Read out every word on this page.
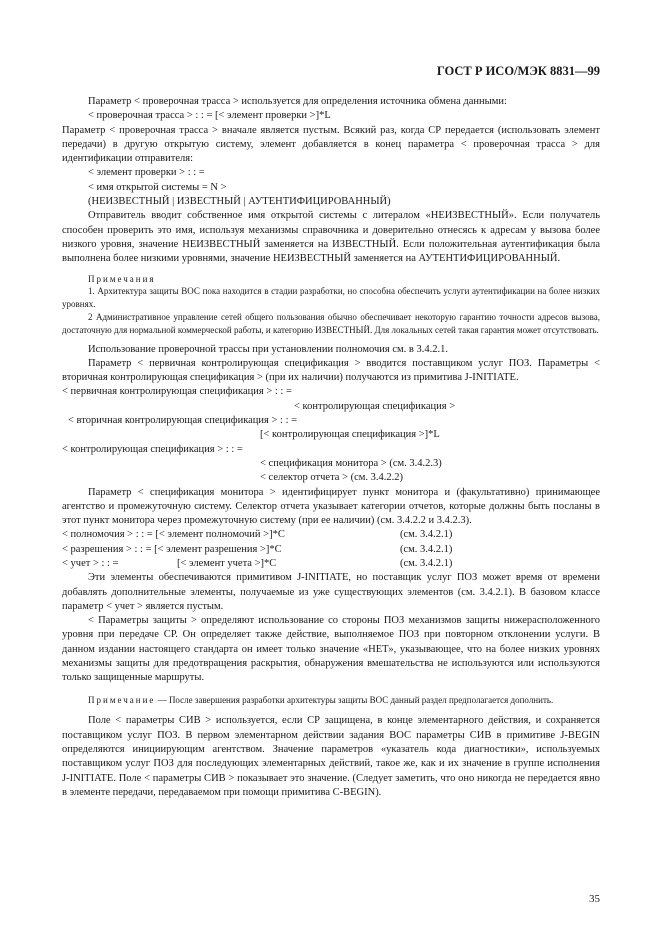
ГОСТ Р ИСО/МЭК 8831—99

Параметр < проверочная трасса > используется для определения источника обмена данными:

< проверочная трасса > : : = [< элемент проверки >]*L

Параметр < проверочная трасса > вначале является пустым. Всякий раз, когда СР передается (использовать элемент передачи) в другую открытую систему, элемент добавляется в конец параметра < проверочная трасса > для идентификации отправителя:

< элемент проверки > : : =

< имя открытой системы = N >

(НЕИЗВЕСТНЫЙ | ИЗВЕСТНЫЙ | АУТЕНТИФИЦИРОВАННЫЙ)

Отправитель вводит собственное имя открытой системы с литералом «НЕИЗВЕСТНЫЙ». Если получатель способен проверить это имя, используя механизмы справочника и доверительно отнесясь к адресам у вызова более низкого уровня, значение НЕИЗВЕСТНЫЙ заменяется на ИЗВЕСТНЫЙ. Если положительная аутентификация была выполнена более низкими уровнями, значение НЕИЗВЕСТНЫЙ заменяется на АУТЕНТИФИЦИРОВАННЫЙ.

Примечания

1. Архитектура защиты ВОС пока находится в стадии разработки, но способна обеспечить услуги аутентификации на более низких уровнях.

2 Административное управление сетей общего пользования обычно обеспечивает некоторую гарантию точности адресов вызова, достаточную для нормальной коммерческой работы, и категорию ИЗВЕСТНЫЙ. Для локальных сетей такая гарантия может отсутствовать.

Использование проверочной трассы при установлении полномочия см. в 3.4.2.1.

Параметр < первичная контролирующая спецификация > вводится поставщиком услуг ПОЗ. Параметры < вторичная контролирующая спецификация > (при их наличии) получаются из примитива J-INITIATE.

< первичная контролирующая спецификация > : : =

< контролирующая спецификация >

< вторичная контролирующая спецификация > : : =

[< контролирующая спецификация >]*L

< контролирующая спецификация > : : =

< спецификация монитора > (см. 3.4.2.3)

< селектор отчета > (см. 3.4.2.2)

Параметр < спецификация монитора > идентифицирует пункт монитора и (факультативно) принимающее агентство и промежуточную систему. Селектор отчета указывает категории отчетов, которые должны быть посланы в этот пункт монитора через промежуточную систему (при ее наличии) (см. 3.4.2.2 и 3.4.2.3).

< полномочия > : : = [< элемент полномочий >]*С	(см. 3.4.2.1)
< разрешения > : : = [< элемент разрешения >]*С	(см. 3.4.2.1)
< учет > : : =	[< элемент учета >]*С	(см. 3.4.2.1)

Эти элементы обеспечиваются примитивом J-INITIATE, но поставщик услуг ПОЗ может время от времени добавлять дополнительные элементы, получаемые из уже существующих элементов (см. 3.4.2.1). В базовом классе параметр < учет > является пустым.

< Параметры защиты > определяют использование со стороны ПОЗ механизмов защиты нижерасположенного уровня при передаче СР. Он определяет также действие, выполняемое ПОЗ при повторном отклонении услуги. В данном издании настоящего стандарта он имеет только значение «НЕТ», указывающее, что на более низких уровнях механизмы защиты для предотвращения раскрытия, обнаружения вмешательства не используются или используются только защищенные маршруты.

Примечание — После завершения разработки архитектуры защиты ВОС данный раздел предполагается дополнить.

Поле < параметры СИВ > используется, если СР защищена, в конце элементарного действия, и сохраняется поставщиком услуг ПОЗ. В первом элементарном действии задания ВОС параметры СИВ в примитиве J-BEGIN определяются инициирующим агентством. Значение параметров «указатель кода диагностики», используемых поставщиком услуг ПОЗ для последующих элементарных действий, такое же, как и их значение в группе исполнения J-INITIATE. Поле < параметры СИВ > показывает это значение. (Следует заметить, что оно никогда не передается явно в элементе передачи, передаваемом при помощи примитива C-BEGIN).

35
